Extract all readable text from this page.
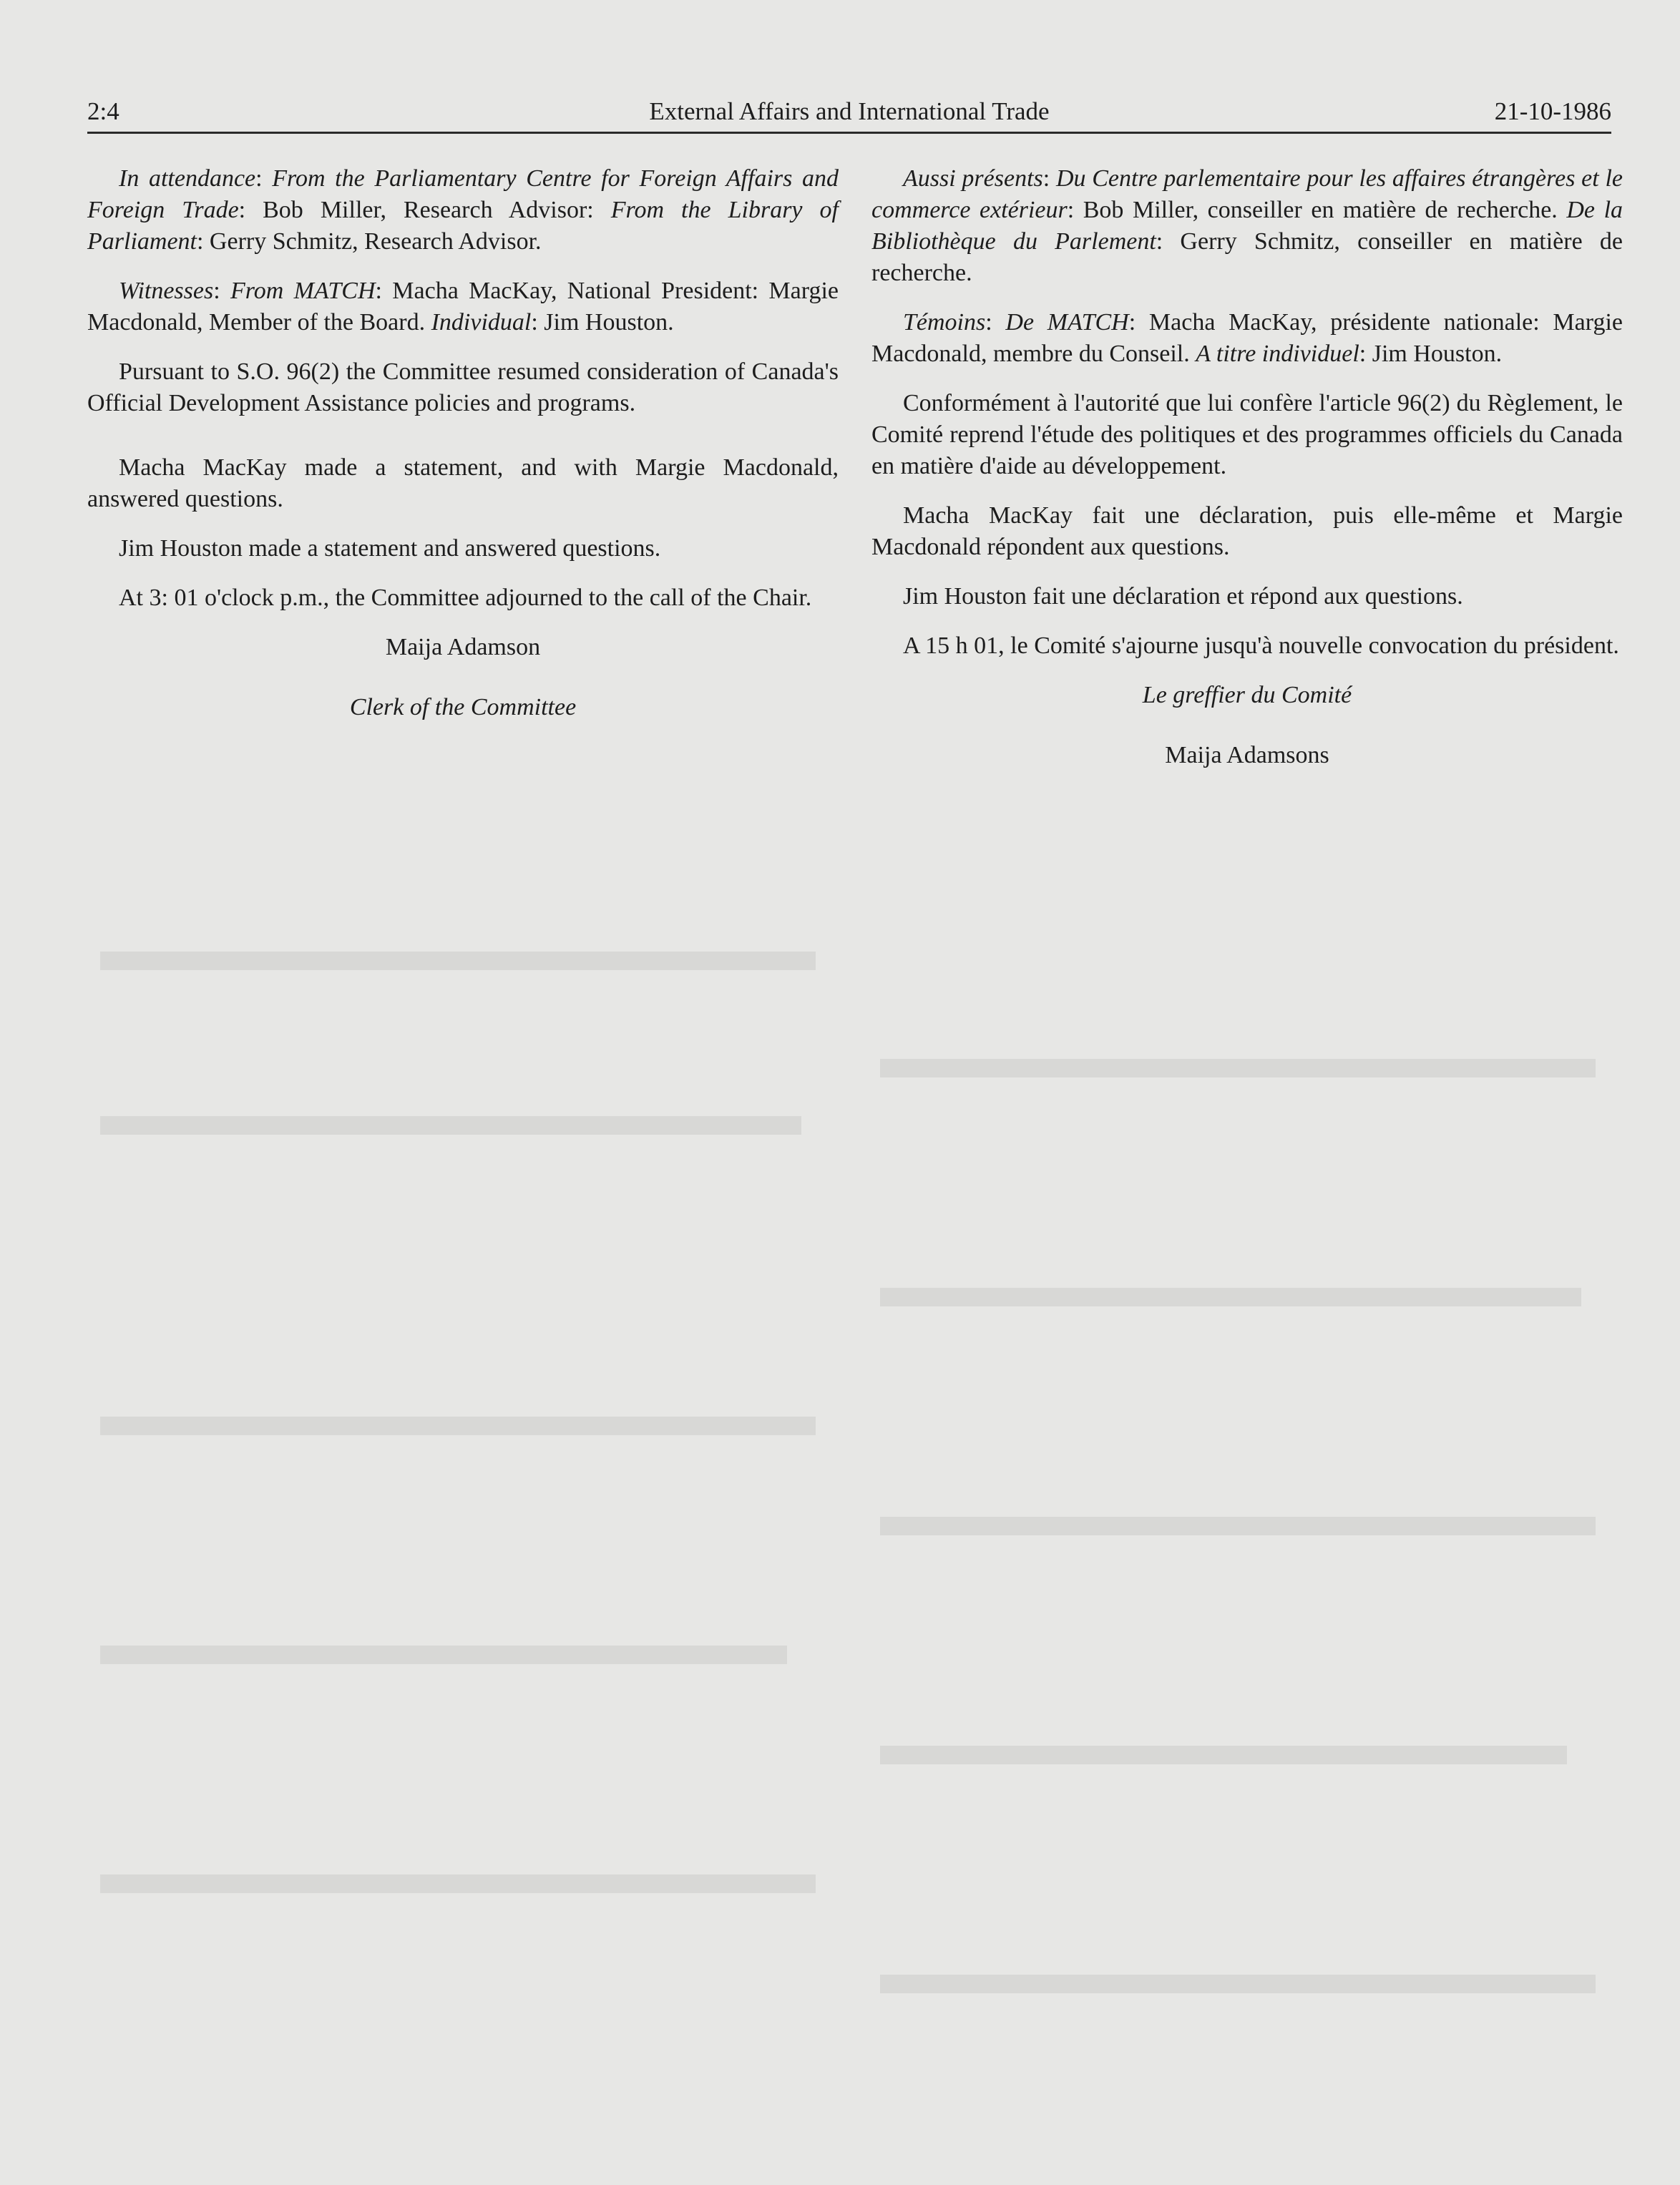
2:4	External Affairs and International Trade	21-10-1986

In attendance: From the Parliamentary Centre for Foreign Affairs and Foreign Trade: Bob Miller, Research Advisor: From the Library of Parliament: Gerry Schmitz, Research Advisor.

Witnesses: From MATCH: Macha MacKay, National President: Margie Macdonald, Member of the Board. Individual: Jim Houston.

Pursuant to S.O. 96(2) the Committee resumed consideration of Canada's Official Development Assistance policies and programs.

Macha MacKay made a statement, and with Margie Macdonald, answered questions.

Jim Houston made a statement and answered questions.

At 3: 01 o'clock p.m., the Committee adjourned to the call of the Chair.

Maija Adamson

Clerk of the Committee

Aussi présents: Du Centre parlementaire pour les affaires étrangères et le commerce extérieur: Bob Miller, conseiller en matière de recherche. De la Bibliothèque du Parlement: Gerry Schmitz, conseiller en matière de recherche.

Témoins: De MATCH: Macha MacKay, présidente nationale: Margie Macdonald, membre du Conseil. A titre individuel: Jim Houston.

Conformément à l'autorité que lui confère l'article 96(2) du Règlement, le Comité reprend l'étude des politiques et des programmes officiels du Canada en matière d'aide au développement.

Macha MacKay fait une déclaration, puis elle-même et Margie Macdonald répondent aux questions.

Jim Houston fait une déclaration et répond aux questions.

A 15 h 01, le Comité s'ajourne jusqu'à nouvelle convocation du président.

Le greffier du Comité

Maija Adamsons
